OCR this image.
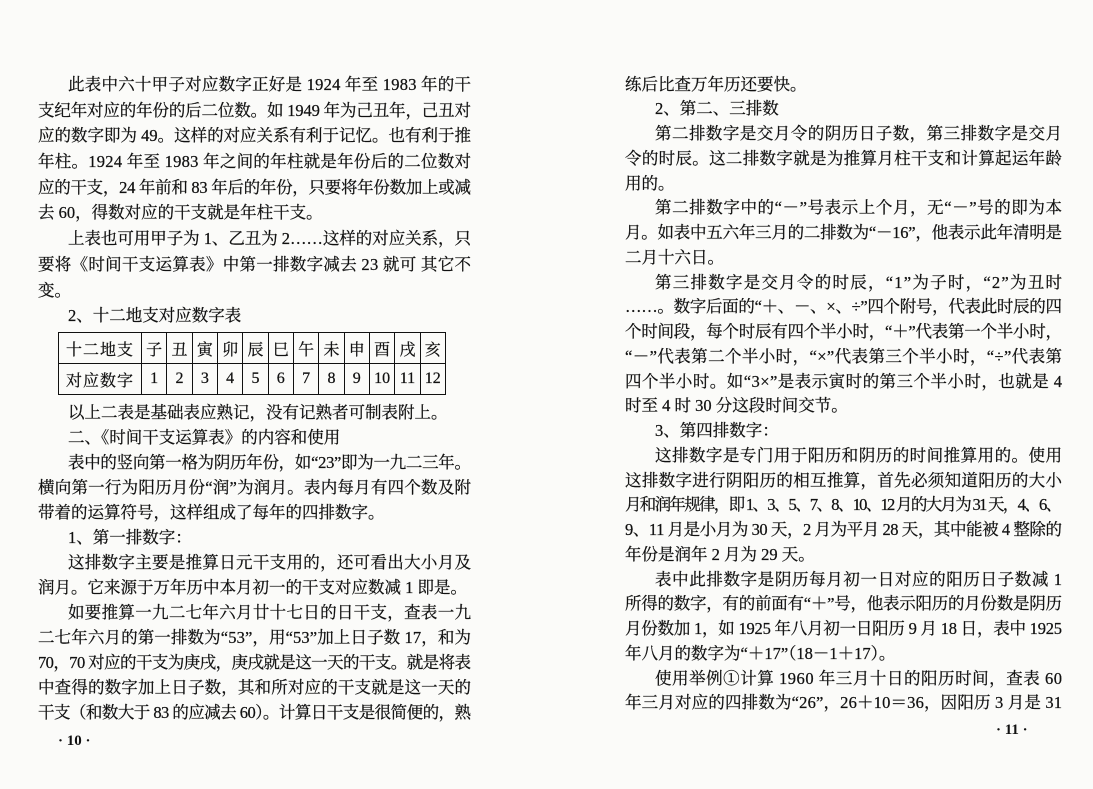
此表中六十甲子对应数字正好是 1924 年至 1983 年的干
支纪年对应的年份的后二位数。如 1949 年为己丑年，己丑对
应的数字即为 49。这样的对应关系有利于记忆。也有利于推
年柱。1924 年至 1983 年之间的年柱就是年份后的二位数对
应的干支，24 年前和 83 年后的年份，只要将年份数加上或减
去 60，得数对应的干支就是年柱干支。
上表也可用甲子为 1、乙丑为 2……这样的对应关系，只
要将《时间干支运算表》中第一排数字减去 23 就可 其它不
变。
2、十二地支对应数字表
十二地支	子	丑	寅	卯	辰	巳	午	未	申	酉	戌	亥
对应数字	1	2	3	4	5	6	7	8	9	10	11	12
以上二表是基础表应熟记，没有记熟者可制表附上。
二、《时间干支运算表》的内容和使用
表中的竖向第一格为阴历年份，如“23”即为一九二三年。
横向第一行为阳历月份“润”为润月。表内每月有四个数及附
带着的运算符号，这样组成了每年的四排数字。
1、第一排数字：
这排数字主要是推算日元干支用的，还可看出大小月及
润月。它来源于万年历中本月初一的干支对应数减 1 即是。
如要推算一九二七年六月廿十七日的日干支，查表一九
二七年六月的第一排数为“53”，用“53”加上日子数 17，和为
70，70 对应的干支为庚戌，庚戌就是这一天的干支。就是将表
中查得的数字加上日子数，其和所对应的干支就是这一天的
干支（和数大于 83 的应减去 60）。计算日干支是很简便的，熟
· 10 ·
练后比查万年历还要快。
2、第二、三排数
第二排数字是交月令的阴历日子数，第三排数字是交月
令的时辰。这二排数字就是为推算月柱干支和计算起运年龄
用的。
第二排数字中的“－”号表示上个月，无“－”号的即为本
月。如表中五六年三月的二排数为“－16”，他表示此年清明是
二月十六日。
第三排数字是交月令的时辰，“1”为子时，“2”为丑时
……。数字后面的“＋、－、×、÷”四个附号，代表此时辰的四
个时间段，每个时辰有四个半小时，“＋”代表第一个半小时，
“－”代表第二个半小时，“×”代表第三个半小时，“÷”代表第
四个半小时。如“3×”是表示寅时的第三个半小时，也就是 4
时至 4 时 30 分这段时间交节。
3、第四排数字：
这排数字是专门用于阳历和阴历的时间推算用的。使用
这排数字进行阴阳历的相互推算，首先必须知道阳历的大小
月和润年规律，即 1、3、5、7、8、10、12 月的大月为 31 天，4、6、
9、11 月是小月为 30 天，2 月为平月 28 天，其中能被 4 整除的
年份是润年 2 月为 29 天。
表中此排数字是阴历每月初一日对应的阳历日子数减 1
所得的数字，有的前面有“＋”号，他表示阳历的月份数是阴历
月份数加 1，如 1925 年八月初一日阳历 9 月 18 日，表中 1925
年八月的数字为“＋17”（18－1＋17）。
使用举例①计算 1960 年三月十日的阳历时间，查表 60
年三月对应的四排数为“26”，26＋10＝36，因阳历 3 月是 31
· 11 ·
